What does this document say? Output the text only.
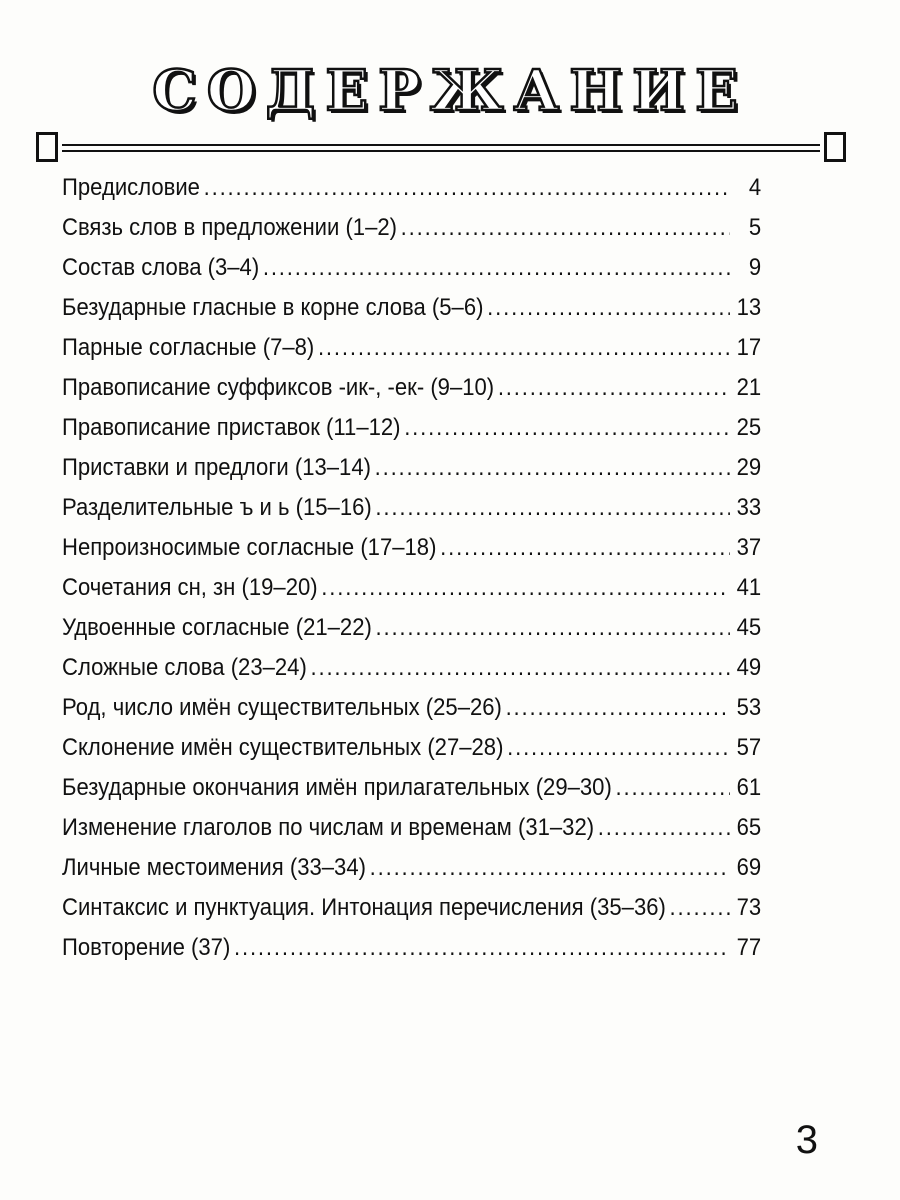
СОДЕРЖАНИЕ
Предисловие .....	4
Связь слов в предложении (1–2) .....	5
Состав слова (3–4) .....	9
Безударные гласные в корне слова (5–6) .....	13
Парные согласные (7–8) .....	17
Правописание суффиксов -ик-, -ек- (9–10) .....	21
Правописание приставок (11–12) .....	25
Приставки и предлоги (13–14) .....	29
Разделительные ъ и ь (15–16) .....	33
Непроизносимые согласные (17–18) .....	37
Сочетания сн, зн (19–20) .....	41
Удвоенные согласные (21–22) .....	45
Сложные слова (23–24) .....	49
Род, число имён существительных (25–26) .....	53
Склонение имён существительных (27–28) .....	57
Безударные окончания имён прилагательных (29–30) .....	61
Изменение глаголов по числам и временам (31–32) .....	65
Личные местоимения (33–34) .....	69
Синтаксис и пунктуация. Интонация перечисления (35–36) .....	73
Повторение (37) .....	77
3
